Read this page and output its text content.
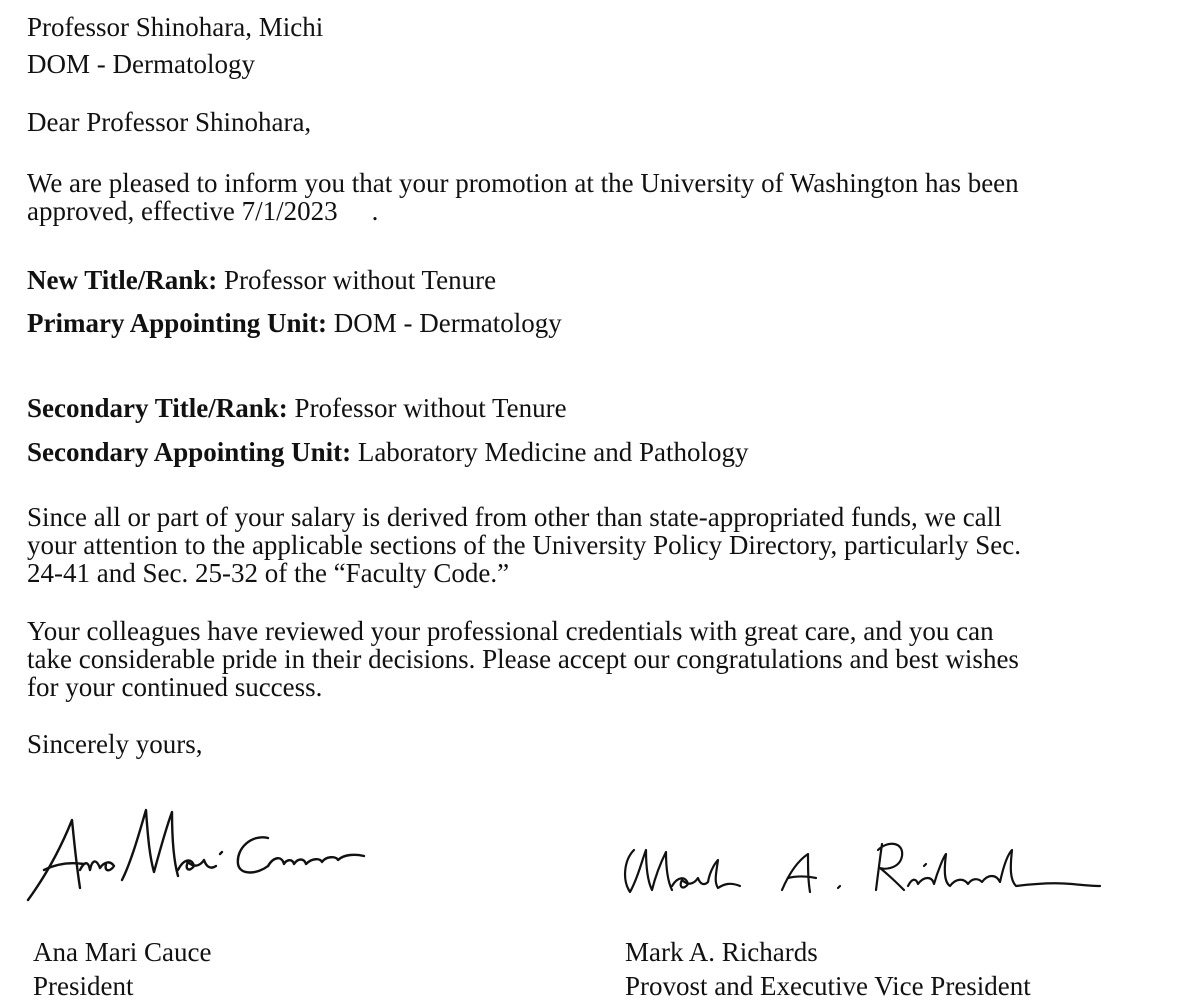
Professor Shinohara, Michi
DOM - Dermatology
Dear Professor Shinohara,
We are pleased to inform you that your promotion at the University of Washington has been
approved, effective 7/1/2023 .
New Title/Rank: Professor without Tenure
Primary Appointing Unit: DOM - Dermatology
Secondary Title/Rank: Professor without Tenure
Secondary Appointing Unit: Laboratory Medicine and Pathology
Since all or part of your salary is derived from other than state-appropriated funds, we call
your attention to the applicable sections of the University Policy Directory, particularly Sec.
24-41 and Sec. 25-32 of the “Faculty Code.”
Your colleagues have reviewed your professional credentials with great care, and you can
take considerable pride in their decisions. Please accept our congratulations and best wishes
for your continued success.
Sincerely yours,
Ana Mari Cauce
President
Mark A. Richards
Provost and Executive Vice President
